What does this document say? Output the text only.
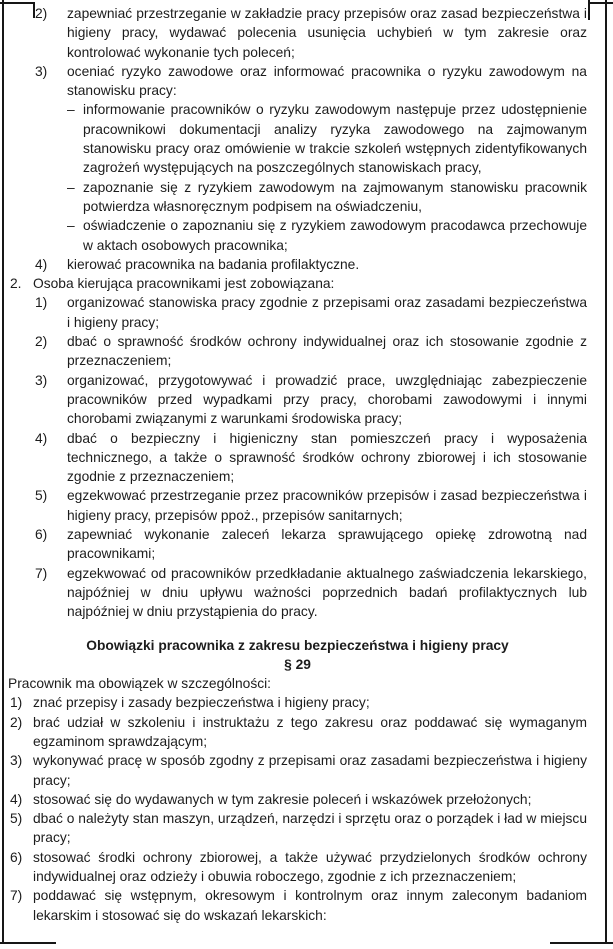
2) zapewniać przestrzeganie w zakładzie pracy przepisów oraz zasad bezpieczeństwa i higieny pracy, wydawać polecenia usunięcia uchybień w tym zakresie oraz kontrolować wykonanie tych poleceń;
3) oceniać ryzyko zawodowe oraz informować pracownika o ryzyku zawodowym na stanowisku pracy:
– informowanie pracowników o ryzyku zawodowym następuje przez udostępnienie pracownikowi dokumentacji analizy ryzyka zawodowego na zajmowanym stanowisku pracy oraz omówienie w trakcie szkoleń wstępnych zidentyfikowanych zagrożeń występujących na poszczególnych stanowiskach pracy,
– zapoznanie się z ryzykiem zawodowym na zajmowanym stanowisku pracownik potwierdza własnoręcznym podpisem na oświadczeniu,
– oświadczenie o zapoznaniu się z ryzykiem zawodowym pracodawca przechowuje w aktach osobowych pracownika;
4) kierować pracownika na badania profilaktyczne.
2. Osoba kierująca pracownikami jest zobowiązana:
1) organizować stanowiska pracy zgodnie z przepisami oraz zasadami bezpieczeństwa i higieny pracy;
2) dbać o sprawność środków ochrony indywidualnej oraz ich stosowanie zgodnie z przeznaczeniem;
3) organizować, przygotowywać i prowadzić prace, uwzględniając zabezpieczenie pracowników przed wypadkami przy pracy, chorobami zawodowymi i innymi chorobami związanymi z warunkami środowiska pracy;
4) dbać o bezpieczny i higieniczny stan pomieszczeń pracy i wyposażenia technicznego, a także o sprawność środków ochrony zbiorowej i ich stosowanie zgodnie z przeznaczeniem;
5) egzekwować przestrzeganie przez pracowników przepisów i zasad bezpieczeństwa i higieny pracy, przepisów ppoż., przepisów sanitarnych;
6) zapewniać wykonanie zaleceń lekarza sprawującego opiekę zdrowotną nad pracownikami;
7) egzekwować od pracowników przedkładanie aktualnego zaświadczenia lekarskiego, najpóźniej w dniu upływu ważności poprzednich badań profilaktycznych lub najpóźniej w dniu przystąpienia do pracy.
Obowiązki pracownika z zakresu bezpieczeństwa i higieny pracy
§ 29
Pracownik ma obowiązek w szczególności:
1) znać przepisy i zasady bezpieczeństwa i higieny pracy;
2) brać udział w szkoleniu i instruktażu z tego zakresu oraz poddawać się wymaganym egzaminom sprawdzającym;
3) wykonywać pracę w sposób zgodny z przepisami oraz zasadami bezpieczeństwa i higieny pracy;
4) stosować się do wydawanych w tym zakresie poleceń i wskazówek przełożonych;
5) dbać o należyty stan maszyn, urządzeń, narzędzi i sprzętu oraz o porządek i ład w miejscu pracy;
6) stosować środki ochrony zbiorowej, a także używać przydzielonych środków ochrony indywidualnej oraz odzieży i obuwia roboczego, zgodnie z ich przeznaczeniem;
7) poddawać się wstępnym, okresowym i kontrolnym oraz innym zaleconym badaniom lekarskim i stosować się do wskazań lekarskich:
